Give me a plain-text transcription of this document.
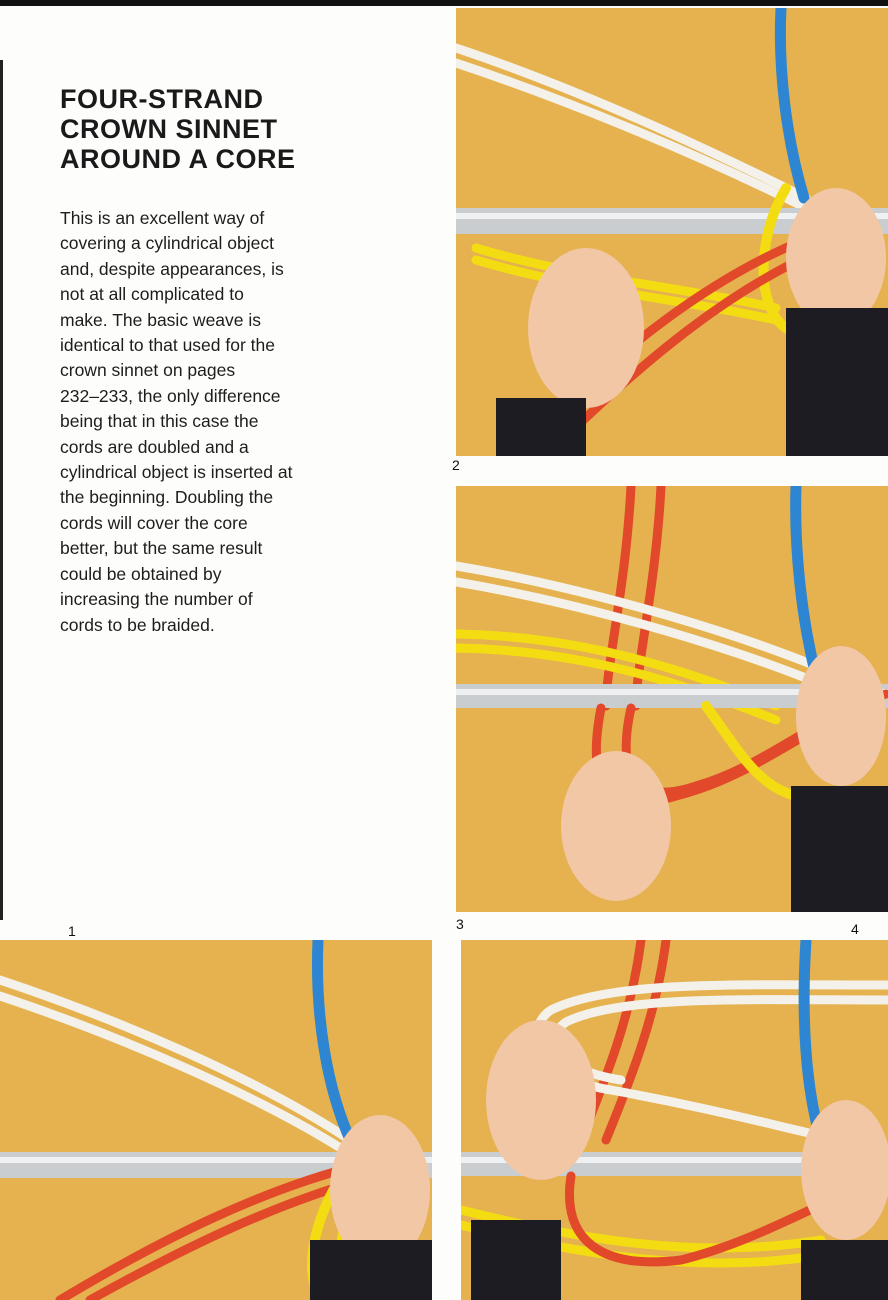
FOUR-STRAND
CROWN SINNET
AROUND A CORE
This is an excellent way of
covering a cylindrical object
and, despite appearances, is
not at all complicated to
make. The basic weave is
identical to that used for the
crown sinnet on pages
232–233, the only difference
being that in this case the
cords are doubled and a
cylindrical object is inserted at
the beginning. Doubling the
cords will cover the core
better, but the same result
could be obtained by
increasing the number of
cords to be braided.
2
3	4
1
